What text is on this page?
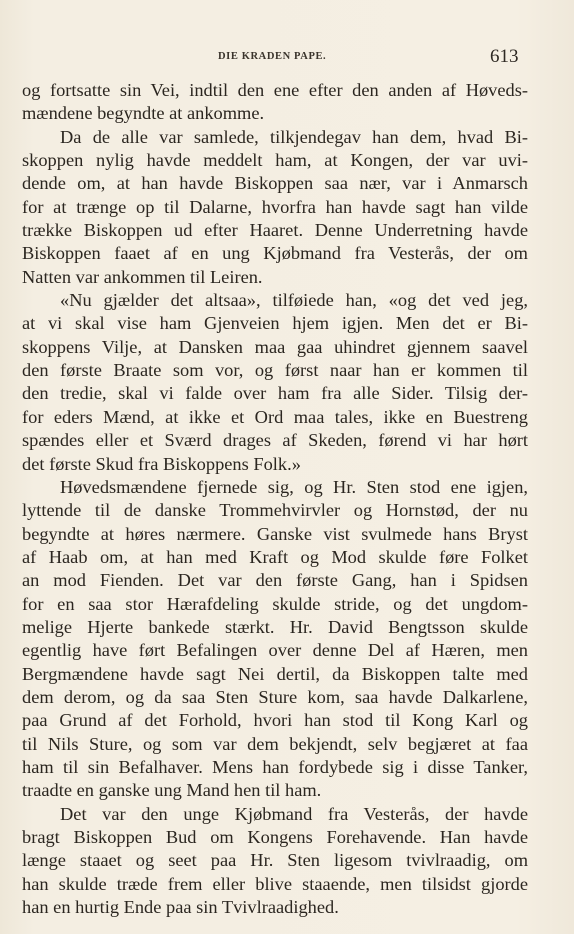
DIE KRADEN PAPE.	613
og fortsatte sin Vei, indtil den ene efter den anden af Høveds-
mændene begyndte at ankomme.
Da de alle var samlede, tilkjendegav han dem, hvad Bi-
skoppen nylig havde meddelt ham, at Kongen, der var uvi-
dende om, at han havde Biskoppen saa nær, var i Anmarsch
for at trænge op til Dalarne, hvorfra han havde sagt han vilde
trække Biskoppen ud efter Haaret. Denne Underretning havde
Biskoppen faaet af en ung Kjøbmand fra Vesterås, der om
Natten var ankommen til Leiren.
«Nu gjælder det altsaa», tilføiede han, «og det ved jeg,
at vi skal vise ham Gjenveien hjem igjen. Men det er Bi-
skoppens Vilje, at Dansken maa gaa uhindret gjennem saavel
den første Braate som vor, og først naar han er kommen til
den tredie, skal vi falde over ham fra alle Sider. Tilsig der-
for eders Mænd, at ikke et Ord maa tales, ikke en Buestreng
spændes eller et Sværd drages af Skeden, førend vi har hørt
det første Skud fra Biskoppens Folk.»
Høvedsmændene fjernede sig, og Hr. Sten stod ene igjen,
lyttende til de danske Trommehvirvler og Hornstød, der nu
begyndte at høres nærmere. Ganske vist svulmede hans Bryst
af Haab om, at han med Kraft og Mod skulde føre Folket
an mod Fienden. Det var den første Gang, han i Spidsen
for en saa stor Hærafdeling skulde stride, og det ungdom-
melige Hjerte bankede stærkt. Hr. David Bengtsson skulde
egentlig have ført Befalingen over denne Del af Hæren, men
Bergmændene havde sagt Nei dertil, da Biskoppen talte med
dem derom, og da saa Sten Sture kom, saa havde Dalkarlene,
paa Grund af det Forhold, hvori han stod til Kong Karl og
til Nils Sture, og som var dem bekjendt, selv begjæret at faa
ham til sin Befalhaver. Mens han fordybede sig i disse Tanker,
traadte en ganske ung Mand hen til ham.
Det var den unge Kjøbmand fra Vesterås, der havde
bragt Biskoppen Bud om Kongens Forehavende. Han havde
længe staaet og seet paa Hr. Sten ligesom tvivlraadig, om
han skulde træde frem eller blive staaende, men tilsidst gjorde
han en hurtig Ende paa sin Tvivlraadighed.
